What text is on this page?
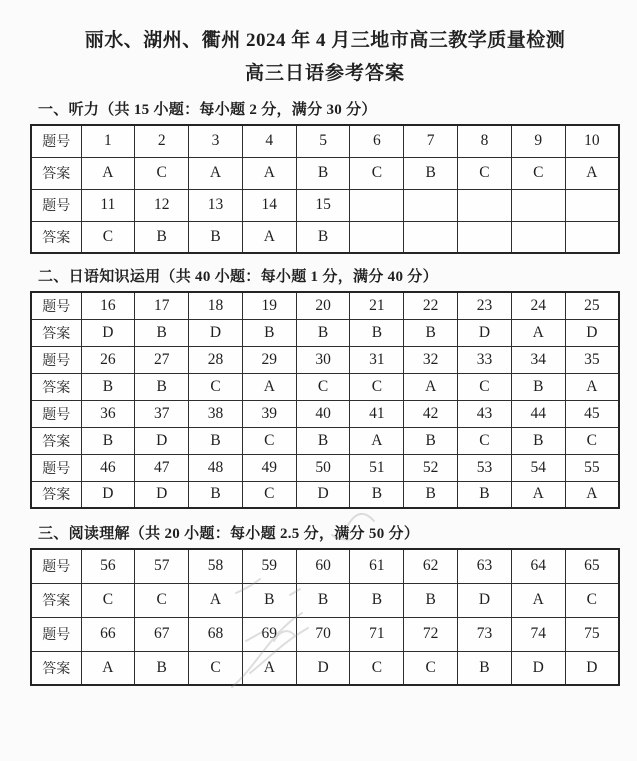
丽水、湖州、衢州 2024 年 4 月三地市高三教学质量检测
高三日语参考答案
一、听力（共 15 小题：每小题 2 分，满分 30 分）
题号	1	2	3	4	5	6	7	8	9	10
答案	A	C	A	A	B	C	B	C	C	A
题号	11	12	13	14	15					
答案	C	B	B	A	B					
二、日语知识运用（共 40 小题：每小题 1 分，满分 40 分）
题号	16	17	18	19	20	21	22	23	24	25
答案	D	B	D	B	B	B	B	D	A	D
题号	26	27	28	29	30	31	32	33	34	35
答案	B	B	C	A	C	C	A	C	B	A
题号	36	37	38	39	40	41	42	43	44	45
答案	B	D	B	C	B	A	B	C	B	C
题号	46	47	48	49	50	51	52	53	54	55
答案	D	D	B	C	D	B	B	B	A	A
三、阅读理解（共 20 小题：每小题 2.5 分，满分 50 分）
题号	56	57	58	59	60	61	62	63	64	65
答案	C	C	A	B	B	B	B	D	A	C
题号	66	67	68	69	70	71	72	73	74	75
答案	A	B	C	A	D	C	C	B	D	D
